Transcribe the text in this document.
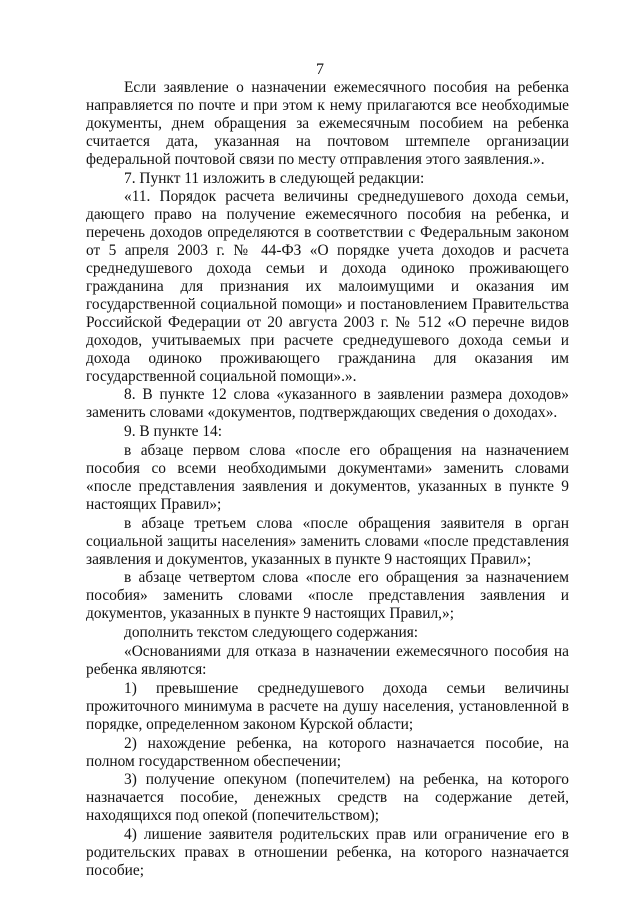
7

Если заявление о назначении ежемесячного пособия на ребенка направляется по почте и при этом к нему прилагаются все необходимые документы, днем обращения за ежемесячным пособием на ребенка считается дата, указанная на почтовом штемпеле организации федеральной почтовой связи по месту отправления этого заявления.».

7. Пункт 11 изложить в следующей редакции:

«11. Порядок расчета величины среднедушевого дохода семьи, дающего право на получение ежемесячного пособия на ребенка, и перечень доходов определяются в соответствии с Федеральным законом от 5 апреля 2003 г. № 44-ФЗ «О порядке учета доходов и расчета среднедушевого дохода семьи и дохода одиноко проживающего гражданина для признания их малоимущими и оказания им государственной социальной помощи» и постановлением Правительства Российской Федерации от 20 августа 2003 г. № 512 «О перечне видов доходов, учитываемых при расчете среднедушевого дохода семьи и дохода одиноко проживающего гражданина для оказания им государственной социальной помощи».».

8. В пункте 12 слова «указанного в заявлении размера доходов» заменить словами «документов, подтверждающих сведения о доходах».

9. В пункте 14:

в абзаце первом слова «после его обращения на назначением пособия со всеми необходимыми документами» заменить словами «после представления заявления и документов, указанных в пункте 9 настоящих Правил»;

в абзаце третьем слова «после обращения заявителя в орган социальной защиты населения» заменить словами «после представления заявления и документов, указанных в пункте 9 настоящих Правил»;

в абзаце четвертом слова «после его обращения за назначением пособия» заменить словами «после представления заявления и документов, указанных в пункте 9 настоящих Правил,»;

дополнить текстом следующего содержания:

«Основаниями для отказа в назначении ежемесячного пособия на ребенка являются:

1) превышение среднедушевого дохода семьи величины прожиточного минимума в расчете на душу населения, установленной в порядке, определенном законом Курской области;

2) нахождение ребенка, на которого назначается пособие, на полном государственном обеспечении;

3) получение опекуном (попечителем) на ребенка, на которого назначается пособие, денежных средств на содержание детей, находящихся под опекой (попечительством);

4) лишение заявителя родительских прав или ограничение его в родительских правах в отношении ребенка, на которого назначается пособие;
